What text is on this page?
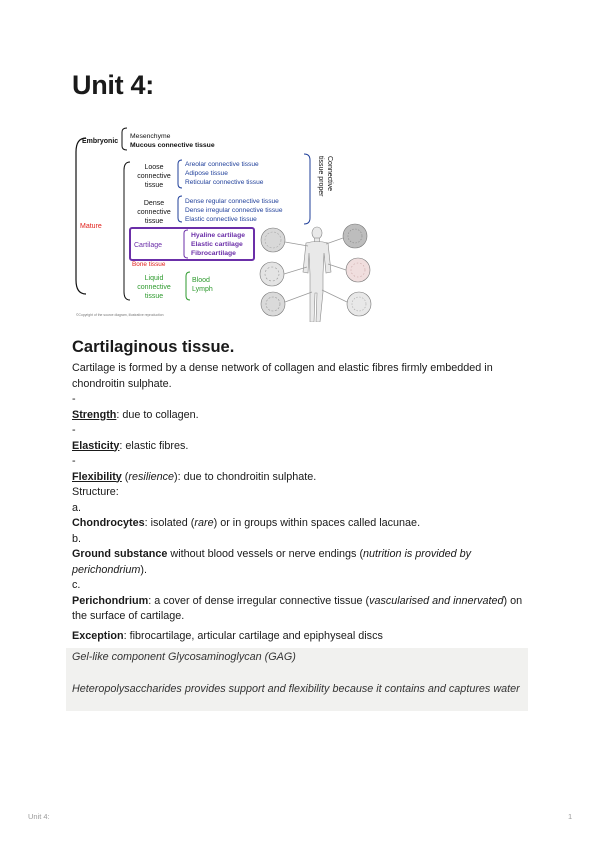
Unit 4:
Embryonic
Mesenchyme
Mucous connective tissue
Mature
Loose
connective
tissue
Areolar connective tissue
Adipose tissue
Reticular connective tissue
Dense
connective
tissue
Dense regular connective tissue
Dense irregular connective tissue
Elastic connective tissue
Connective
tissue proper
Cartilage
Hyaline cartilage
Elastic cartilage
Fibrocartilage
Bone tissue
Liquid
connective
tissue
Blood
Lymph
©Copyright of the source diagram, illustrative reproduction
Cartilaginous tissue.

Cartilage is formed by a dense network of collagen and elastic fibres firmly embedded in chondroitin sulphate.

-

Strength: due to collagen.

-

Elasticity: elastic fibres.

-

Flexibility (resilience): due to chondroitin sulphate.

Structure:

a.

Chondrocytes: isolated (rare) or in groups within spaces called lacunae.

b.

Ground substance without blood vessels or nerve endings (nutrition is provided by perichondrium).

c.

Perichondrium: a cover of dense irregular connective tissue (vascularised and innervated) on the surface of cartilage.

Exception: fibrocartilage, articular cartilage and epiphyseal discs

Gel-like component Glycosaminoglycan (GAG)

Heteropolysaccharides provides support and flexibility because it contains and captures water

Unit 4:	1
